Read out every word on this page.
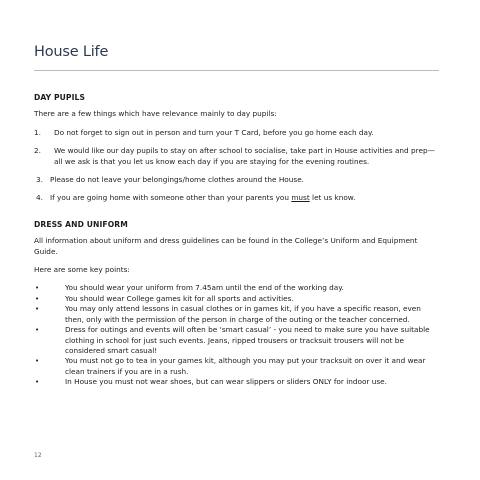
House Life
DAY PUPILS
There are a few things which have relevance mainly to day pupils:
1.	Do not forget to sign out in person and turn your T Card, before you go home each day.
2.	We would like our day pupils to stay on after school to socialise, take part in House activities and prep—all we ask is that you let us know each day if you are staying for the evening routines.
3. Please do not leave your belongings/home clothes around the House.
4. If you are going home with someone other than your parents you must let us know.
DRESS AND UNIFORM
All information about uniform and dress guidelines can be found in the College’s Uniform and Equipment Guide.
Here are some key points:
•	You should wear your uniform from 7.45am until the end of the working day.
•	You should wear College games kit for all sports and activities.
•	You may only attend lessons in casual clothes or in games kit, if you have a specific reason, even then, only with the permission of the person in charge of the outing or the teacher concerned.
•	Dress for outings and events will often be ‘smart casual’ - you need to make sure you have suitable clothing in school for just such events. Jeans, ripped trousers or tracksuit trousers will not be considered smart casual!
•	You must not go to tea in your games kit, although you may put your tracksuit on over it and wear clean trainers if you are in a rush.
•	In House you must not wear shoes, but can wear slippers or sliders ONLY for indoor use.
12
